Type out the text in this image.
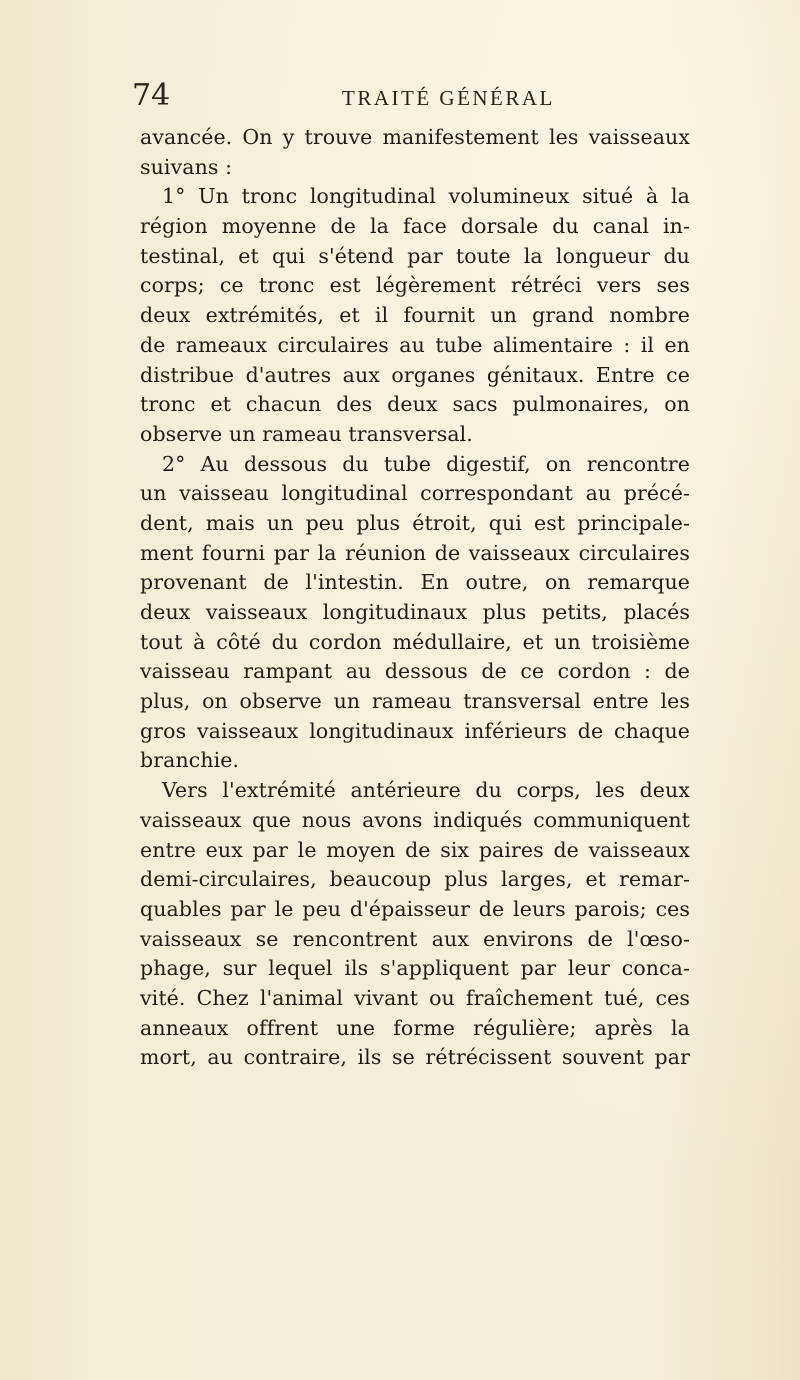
74	TRAITÉ GÉNÉRAL
avancée. On y trouve manifestement les vaisseaux
suivans :
1° Un tronc longitudinal volumineux situé à la
région moyenne de la face dorsale du canal in-
testinal, et qui s'étend par toute la longueur du
corps; ce tronc est légèrement rétréci vers ses
deux extrémités, et il fournit un grand nombre
de rameaux circulaires au tube alimentaire : il en
distribue d'autres aux organes génitaux. Entre ce
tronc et chacun des deux sacs pulmonaires, on
observe un rameau transversal.
2° Au dessous du tube digestif, on rencontre
un vaisseau longitudinal correspondant au précé-
dent, mais un peu plus étroit, qui est principale-
ment fourni par la réunion de vaisseaux circulaires
provenant de l'intestin. En outre, on remarque
deux vaisseaux longitudinaux plus petits, placés
tout à côté du cordon médullaire, et un troisième
vaisseau rampant au dessous de ce cordon : de
plus, on observe un rameau transversal entre les
gros vaisseaux longitudinaux inférieurs de chaque
branchie.
Vers l'extrémité antérieure du corps, les deux
vaisseaux que nous avons indiqués communiquent
entre eux par le moyen de six paires de vaisseaux
demi-circulaires, beaucoup plus larges, et remar-
quables par le peu d'épaisseur de leurs parois; ces
vaisseaux se rencontrent aux environs de l'œso-
phage, sur lequel ils s'appliquent par leur conca-
vité. Chez l'animal vivant ou fraîchement tué, ces
anneaux offrent une forme régulière; après la
mort, au contraire, ils se rétrécissent souvent par
